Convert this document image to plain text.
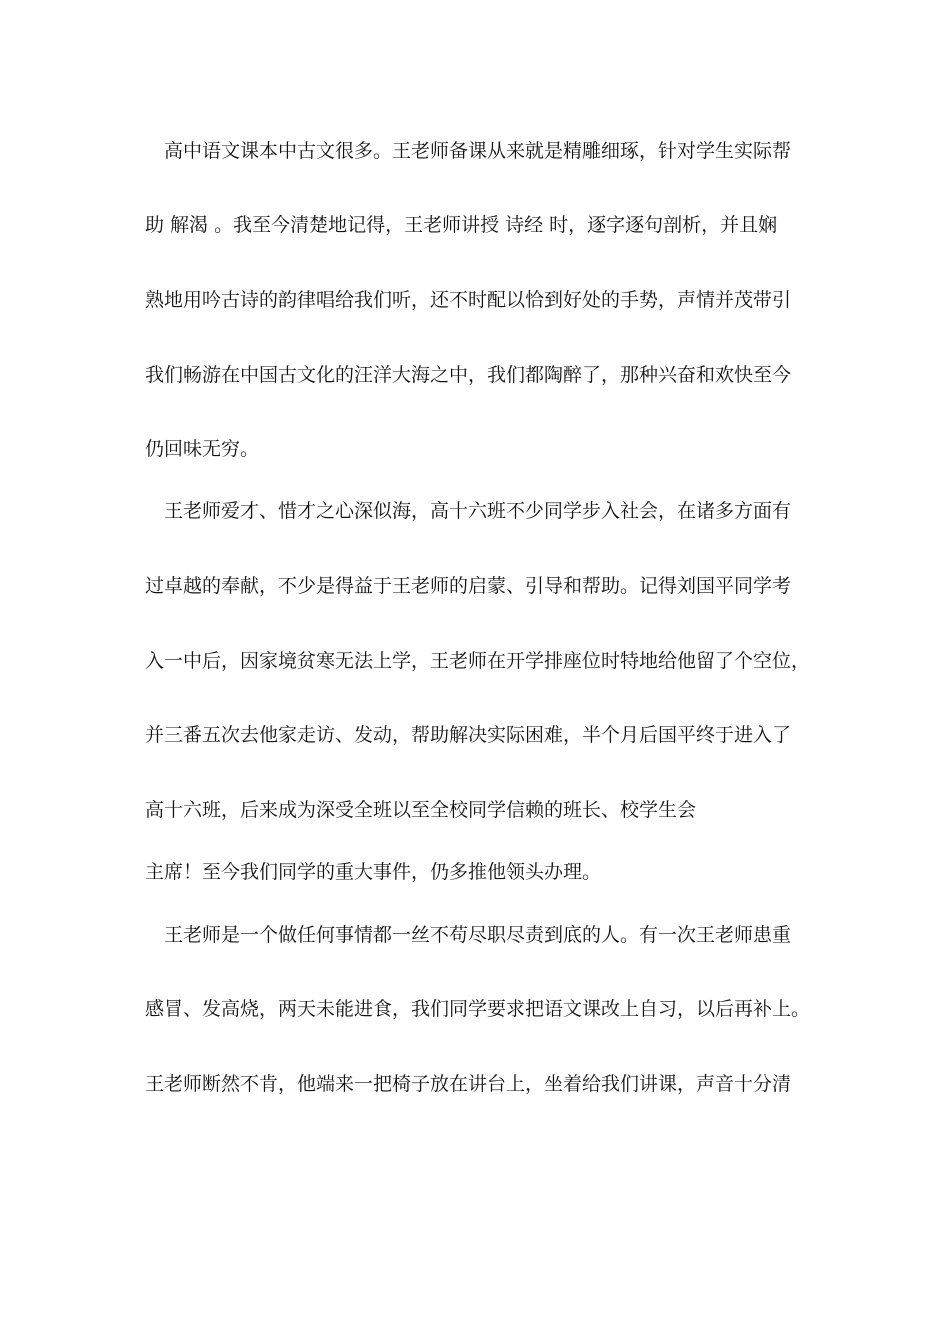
　高中语文课本中古文很多。王老师备课从来就是精雕细琢，针对学生实际帮
助 解渴 。我至今清楚地记得，王老师讲授 诗经 时，逐字逐句剖析，并且娴
熟地用吟古诗的韵律唱给我们听，还不时配以恰到好处的手势，声情并茂带引
我们畅游在中国古文化的汪洋大海之中，我们都陶醉了，那种兴奋和欢快至今
仍回味无穷。
　王老师爱才、惜才之心深似海，高十六班不少同学步入社会，在诸多方面有
过卓越的奉献，不少是得益于王老师的启蒙、引导和帮助。记得刘国平同学考
入一中后，因家境贫寒无法上学，王老师在开学排座位时特地给他留了个空位，
并三番五次去他家走访、发动，帮助解决实际困难，半个月后国平终于进入了
高十六班，后来成为深受全班以至全校同学信赖的班长、校学生会
主席！至今我们同学的重大事件，仍多推他领头办理。
　王老师是一个做任何事情都一丝不苟尽职尽责到底的人。有一次王老师患重
感冒、发高烧，两天未能进食，我们同学要求把语文课改上自习，以后再补上。
王老师断然不肯，他端来一把椅子放在讲台上，坐着给我们讲课，声音十分清
